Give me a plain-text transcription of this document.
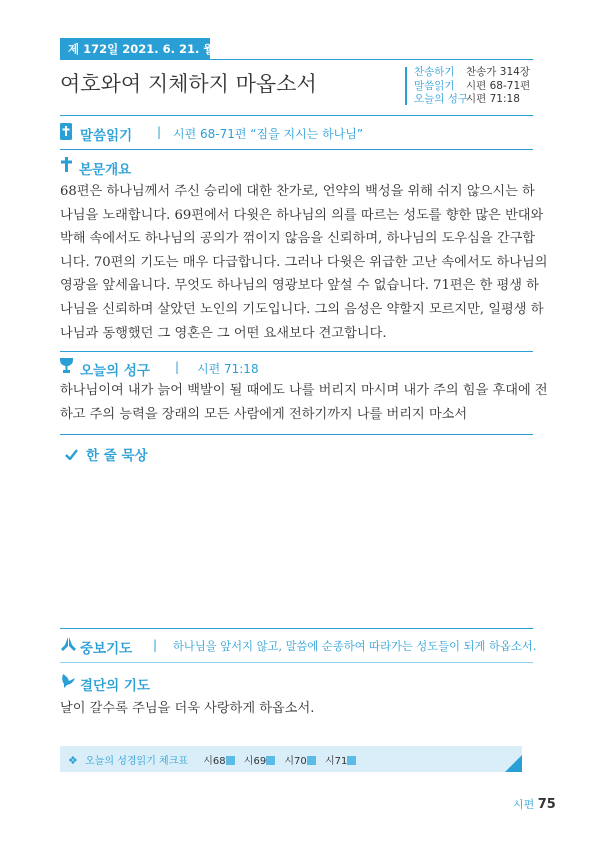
제 172일 2021. 6. 21. 월
여호와여 지체하지 마옵소서	찬송하기 찬송가 314장
말씀읽기 시편 68-71편
오늘의 성구시편 71:18
말씀읽기 | 시편 68-71편 “짐을 지시는 하나님”
본문개요
68편은 하나님께서 주신 승리에 대한 찬가로, 언약의 백성을 위해 쉬지 않으시는 하
나님을 노래합니다. 69편에서 다윗은 하나님의 의를 따르는 성도를 향한 많은 반대와
박해 속에서도 하나님의 공의가 꺾이지 않음을 신뢰하며, 하나님의 도우심을 간구합
니다. 70편의 기도는 매우 다급합니다. 그러나 다윗은 위급한 고난 속에서도 하나님의
영광을 앞세웁니다. 무엇도 하나님의 영광보다 앞설 수 없습니다. 71편은 한 평생 하
나님을 신뢰하며 살았던 노인의 기도입니다. 그의 음성은 약할지 모르지만, 일평생 하
나님과 동행했던 그 영혼은 그 어떤 요새보다 견고합니다.
오늘의 성구 | 시편 71:18
하나님이여 내가 늙어 백발이 될 때에도 나를 버리지 마시며 내가 주의 힘을 후대에 전
하고 주의 능력을 장래의 모든 사람에게 전하기까지 나를 버리지 마소서
한 줄 묵상
중보기도 | 하나님을 앞서지 않고, 말씀에 순종하여 따라가는 성도들이 되게 하옵소서.
결단의 기도
날이 갈수록 주님을 더욱 사랑하게 하옵소서.
❖ 오늘의 성경읽기 체크표 시68 시69 시70 시71
시편 75
